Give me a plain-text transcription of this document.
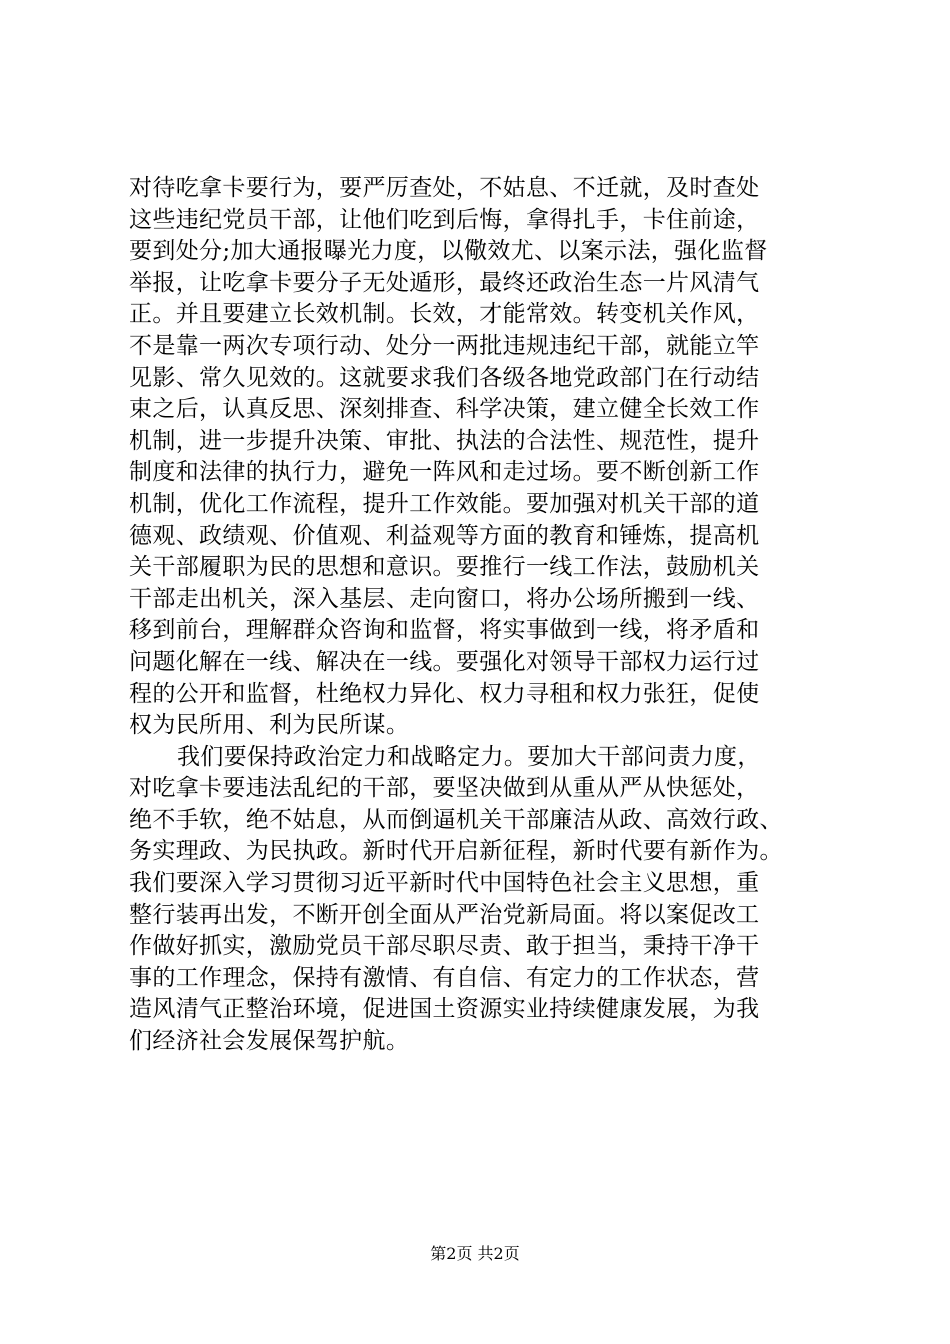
对待吃拿卡要行为，要严厉查处，不姑息、不迁就，及时查处
这些违纪党员干部，让他们吃到后悔，拿得扎手，卡住前途，
要到处分;加大通报曝光力度，以儆效尤、以案示法，强化监督
举报，让吃拿卡要分子无处遁形，最终还政治生态一片风清气
正。并且要建立长效机制。长效，才能常效。转变机关作风，
不是靠一两次专项行动、处分一两批违规违纪干部，就能立竿
见影、常久见效的。这就要求我们各级各地党政部门在行动结
束之后，认真反思、深刻排查、科学决策，建立健全长效工作
机制，进一步提升决策、审批、执法的合法性、规范性，提升
制度和法律的执行力，避免一阵风和走过场。要不断创新工作
机制，优化工作流程，提升工作效能。要加强对机关干部的道
德观、政绩观、价值观、利益观等方面的教育和锤炼，提高机
关干部履职为民的思想和意识。要推行一线工作法，鼓励机关
干部走出机关，深入基层、走向窗口，将办公场所搬到一线、
移到前台，理解群众咨询和监督，将实事做到一线，将矛盾和
问题化解在一线、解决在一线。要强化对领导干部权力运行过
程的公开和监督，杜绝权力异化、权力寻租和权力张狂，促使
权为民所用、利为民所谋。
我们要保持政治定力和战略定力。要加大干部问责力度，
对吃拿卡要违法乱纪的干部，要坚决做到从重从严从快惩处，
绝不手软，绝不姑息，从而倒逼机关干部廉洁从政、高效行政、
务实理政、为民执政。新时代开启新征程，新时代要有新作为。
我们要深入学习贯彻习近平新时代中国特色社会主义思想，重
整行装再出发，不断开创全面从严治党新局面。将以案促改工
作做好抓实，激励党员干部尽职尽责、敢于担当，秉持干净干
事的工作理念，保持有激情、有自信、有定力的工作状态，营
造风清气正整治环境，促进国土资源实业持续健康发展，为我
们经济社会发展保驾护航。
第2页 共2页
